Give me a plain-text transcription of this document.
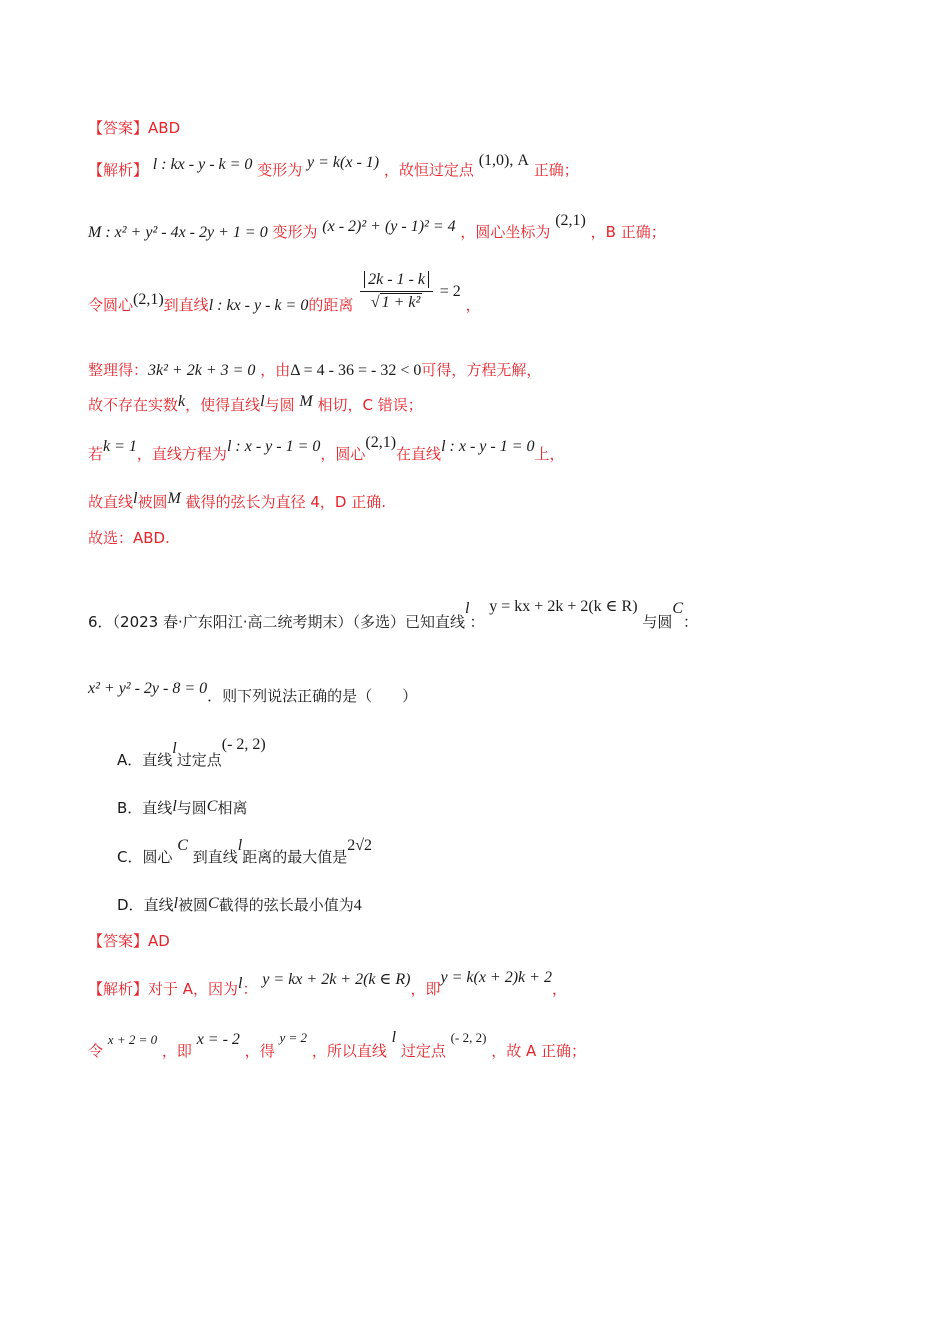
【答案】ABD
【解析】 l : kx - y - k = 0 变形为 y = k(x - 1) ，故恒过定点 (1,0), A 正确；
M : x² + y² - 4x - 2y + 1 = 0 变形为 (x - 2)² + (y - 1)² = 4 ，圆心坐标为 (2,1) ，B 正确；
令圆心(2,1)到直线l : kx - y - k = 0的距离 $\frac{2k - 1 - k}{\text{√ 1 + k²}} = 2$ ，
整理得：3k² + 2k + 3 = 0 ，由Δ = 4 - 36 = - 32 < 0可得，方程无解，
故不存在实数k，使得直线l与圆 M 相切，C 错误；
若k = 1，直线方程为l : x - y - 1 = 0，圆心(2,1)在直线l : x - y - 1 = 0上，
故直线l被圆M 截得的弦长为直径 4，D 正确.
故选：ABD.
6．（2023 春·广东阳江·高二统考期末）（多选）已知直线l： y = kx + 2k + 2(k ∈ R) 与圆C：
x² + y² - 2y - 8 = 0．则下列说法正确的是（　　）
A．直线l过定点(- 2, 2)
B．直线l与圆C相离
C．圆心 C 到直线l距离的最大值是2√2
D．直线l被圆C截得的弦长最小值为4
【答案】AD
【解析】对于 A，因为l： y = kx + 2k + 2(k ∈ R)，即y = k(x + 2)k + 2，
令 x + 2 = 0 ，即 x = - 2 ，得 y = 2 ，所以直线 l 过定点 (- 2, 2) ，故 A 正确；
